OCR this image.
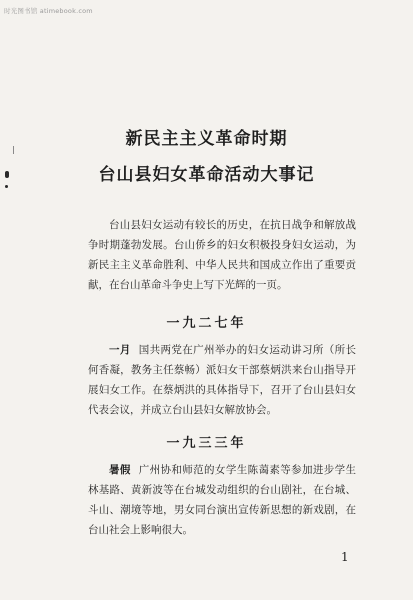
时光图书馆 atimebook.com
新民主主义革命时期
台山县妇女革命活动大事记
台山县妇女运动有较长的历史，在抗日战争和解放战争时期蓬勃发展。台山侨乡的妇女积极投身妇女运动，为新民主主义革命胜利、中华人民共和国成立作出了重要贡献，在台山革命斗争史上写下光辉的一页。
一九二七年
一月 国共两党在广州举办的妇女运动讲习所（所长何香凝，教务主任蔡畅）派妇女干部蔡炳洪来台山指导开展妇女工作。在蔡炳洪的具体指导下，召开了台山县妇女代表会议，并成立台山县妇女解放协会。
一九三三年
暑假 广州协和师范的女学生陈蔼素等参加进步学生林基路、黄新波等在台城发动组织的台山剧社，在台城、斗山、潮境等地，男女同台演出宣传新思想的新戏剧，在台山社会上影响很大。
1
